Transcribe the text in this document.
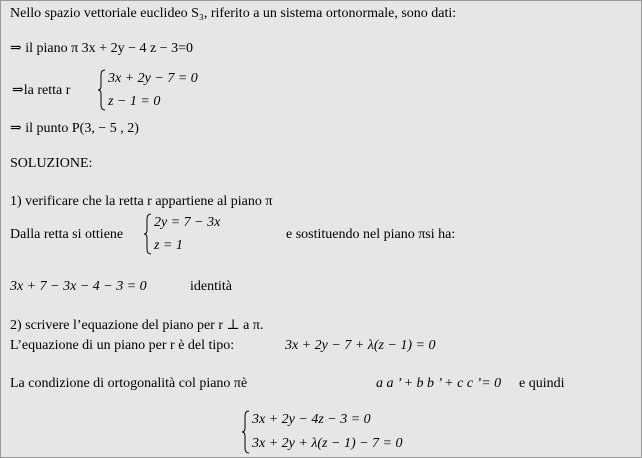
Nello spazio vettoriale euclideo S₃, riferito a un sistema ortonormale, sono dati:
⇒ il piano π 3x + 2y − 4 z − 3=0
⇒la retta r
3x + 2y − 7 = 0
z − 1 = 0
⇒ il punto P(3, − 5 , 2)
SOLUZIONE:
1) verificare che la retta r appartiene al piano π
Dalla retta si ottiene
2y = 7 − 3x
z = 1
e sostituendo nel piano πsi ha:
3x + 7 − 3x − 4 − 3 = 0	identità
2) scrivere l’equazione del piano per r ⊥ a π.
L’equazione di un piano per r è del tipo:	3x + 2y − 7 + λ(z − 1) = 0
La condizione di ortogonalità col piano πè	a a ’ + b b ’ + c c ’= 0 e quindi
3x + 2y − 4z − 3 = 0
3x + 2y + λ(z − 1) − 7 = 0
